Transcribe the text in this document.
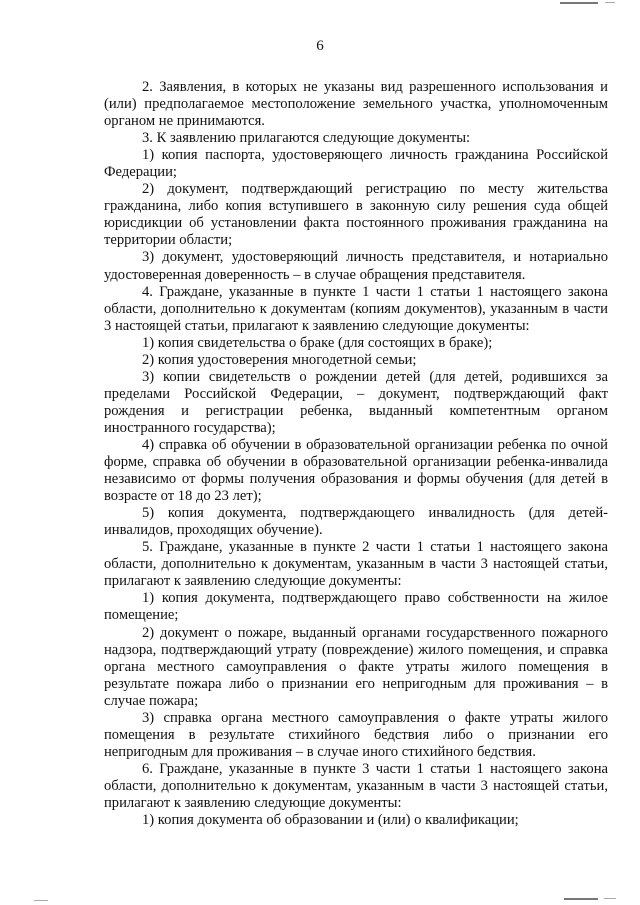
6

2. Заявления, в которых не указаны вид разрешенного использования и (или) предполагаемое местоположение земельного участка, уполномоченным органом не принимаются.

3. К заявлению прилагаются следующие документы:

1) копия паспорта, удостоверяющего личность гражданина Российской Федерации;

2) документ, подтверждающий регистрацию по месту жительства гражданина, либо копия вступившего в законную силу решения суда общей юрисдикции об установлении факта постоянного проживания гражданина на территории области;

3) документ, удостоверяющий личность представителя, и нотариально удостоверенная доверенность – в случае обращения представителя.

4. Граждане, указанные в пункте 1 части 1 статьи 1 настоящего закона области, дополнительно к документам (копиям документов), указанным в части 3 настоящей статьи, прилагают к заявлению следующие документы:

1) копия свидетельства о браке (для состоящих в браке);

2) копия удостоверения многодетной семьи;

3) копии свидетельств о рождении детей (для детей, родившихся за пределами Российской Федерации, – документ, подтверждающий факт рождения и регистрации ребенка, выданный компетентным органом иностранного государства);

4) справка об обучении в образовательной организации ребенка по очной форме, справка об обучении в образовательной организации ребенка-инвалида независимо от формы получения образования и формы обучения (для детей в возрасте от 18 до 23 лет);

5) копия документа, подтверждающего инвалидность (для детей-инвалидов, проходящих обучение).

5. Граждане, указанные в пункте 2 части 1 статьи 1 настоящего закона области, дополнительно к документам, указанным в части 3 настоящей статьи, прилагают к заявлению следующие документы:

1) копия документа, подтверждающего право собственности на жилое помещение;

2) документ о пожаре, выданный органами государственного пожарного надзора, подтверждающий утрату (повреждение) жилого помещения, и справка органа местного самоуправления о факте утраты жилого помещения в результате пожара либо о признании его непригодным для проживания – в случае пожара;

3) справка органа местного самоуправления о факте утраты жилого помещения в результате стихийного бедствия либо о признании его непригодным для проживания – в случае иного стихийного бедствия.

6. Граждане, указанные в пункте 3 части 1 статьи 1 настоящего закона области, дополнительно к документам, указанным в части 3 настоящей статьи, прилагают к заявлению следующие документы:

1) копия документа об образовании и (или) о квалификации;
